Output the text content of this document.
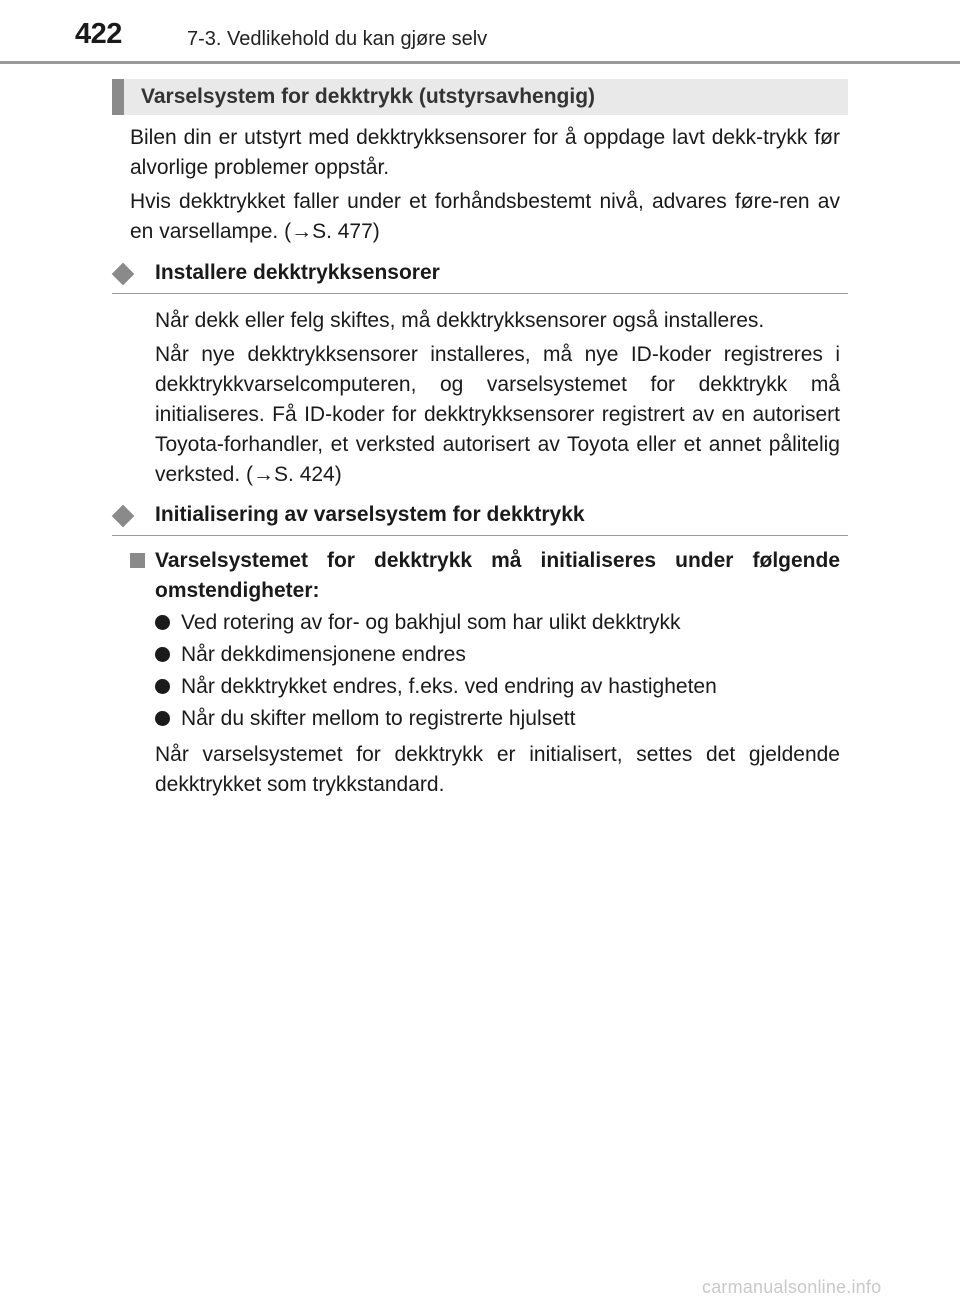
422	7-3. Vedlikehold du kan gjøre selv
Varselsystem for dekktrykk (utstyrsavhengig)
Bilen din er utstyrt med dekktrykksensorer for å oppdage lavt dekk-trykk før alvorlige problemer oppstår.
Hvis dekktrykket faller under et forhåndsbestemt nivå, advares føre-ren av en varsellampe. (→S. 477)
Installere dekktrykksensorer
Når dekk eller felg skiftes, må dekktrykksensorer også installeres.
Når nye dekktrykksensorer installeres, må nye ID-koder registreres i dekktrykkvarselcomputeren, og varselsystemet for dekktrykk må initialiseres. Få ID-koder for dekktrykksensorer registrert av en autorisert Toyota-forhandler, et verksted autorisert av Toyota eller et annet pålitelig verksted. (→S. 424)
Initialisering av varselsystem for dekktrykk
Varselsystemet for dekktrykk må initialiseres under følgende omstendigheter:
Ved rotering av for- og bakhjul som har ulikt dekktrykk
Når dekkdimensjonene endres
Når dekktrykket endres, f.eks. ved endring av hastigheten
Når du skifter mellom to registrerte hjulsett
Når varselsystemet for dekktrykk er initialisert, settes det gjeldende dekktrykket som trykkstandard.
carmanualsonline.info
